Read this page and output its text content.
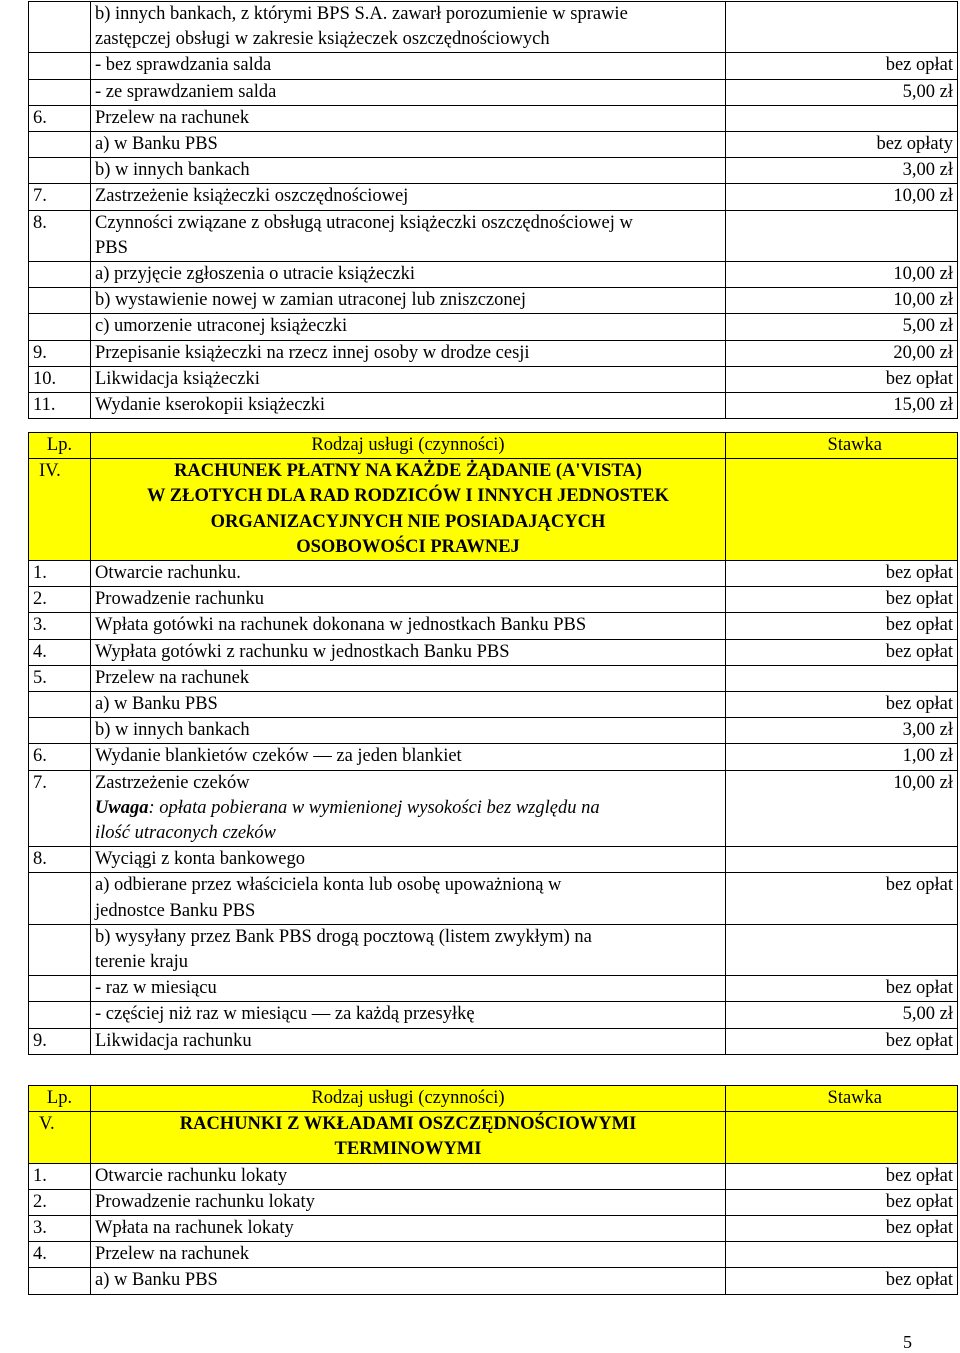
	b) innych bankach, z którymi BPS S.A. zawarł porozumienie w sprawie
zastępczej obsługi w zakresie książeczek oszczędnościowych	

	- bez sprawdzania salda	bez opłat

	- ze sprawdzaniem salda	5,00 zł
6.	Przelew na rachunek	

	a) w Banku PBS	bez opłaty

	b) w innych bankach	3,00 zł
7.	Zastrzeżenie książeczki oszczędnościowej	10,00 zł
8.	Czynności związane z obsługą utraconej książeczki oszczędnościowej w
PBS	

	a) przyjęcie zgłoszenia o utracie książeczki	10,00 zł

	b) wystawienie nowej w zamian utraconej lub zniszczonej	10,00 zł

	c) umorzenie utraconej książeczki	5,00 zł
9.	Przepisanie książeczki na rzecz innej osoby w drodze cesji	20,00 zł
10.	Likwidacja książeczki	bez opłat
11.	Wydanie kserokopii książeczki	15,00 zł
Lp.	Rodzaj usługi (czynności)	Stawka
IV.	RACHUNEK PŁATNY NA KAŻDE ŻĄDANIE (A'VISTA)
W ZŁOTYCH DLA RAD RODZICÓW I INNYCH JEDNOSTEK
ORGANIZACYJNYCH NIE POSIADAJĄCYCH
OSOBOWOŚCI PRAWNEJ	

1.	Otwarcie rachunku.	bez opłat
2.	Prowadzenie rachunku	bez opłat
3.	Wpłata gotówki na rachunek dokonana w jednostkach Banku PBS	bez opłat
4.	Wypłata gotówki z rachunku w jednostkach Banku PBS	bez opłat
5.	Przelew na rachunek	

	a) w Banku PBS	bez opłat

	b) w innych bankach	3,00 zł
6.	Wydanie blankietów czeków — za jeden blankiet	1,00 zł
7.	Zastrzeżenie czeków
Uwaga: opłata pobierana w wymienionej wysokości bez względu na
ilość utraconych czeków	10,00 zł
8.	Wyciągi z konta bankowego	

	a) odbierane przez właściciela konta lub osobę upoważnioną w
jednostce Banku PBS	bez opłat

	b) wysyłany przez Bank PBS drogą pocztową (listem zwykłym) na
terenie kraju	

	- raz w miesiącu	bez opłat

	- częściej niż raz w miesiącu — za każdą przesyłkę	5,00 zł
9.	Likwidacja rachunku	bez opłat
Lp.	Rodzaj usługi (czynności)	Stawka
V.	RACHUNKI Z WKŁADAMI OSZCZĘDNOŚCIOWYMI
TERMINOWYMI	

1.	Otwarcie rachunku lokaty	bez opłat
2.	Prowadzenie rachunku lokaty	bez opłat
3.	Wpłata na rachunek lokaty	bez opłat
4.	Przelew na rachunek	

	a) w Banku PBS	bez opłat
5
